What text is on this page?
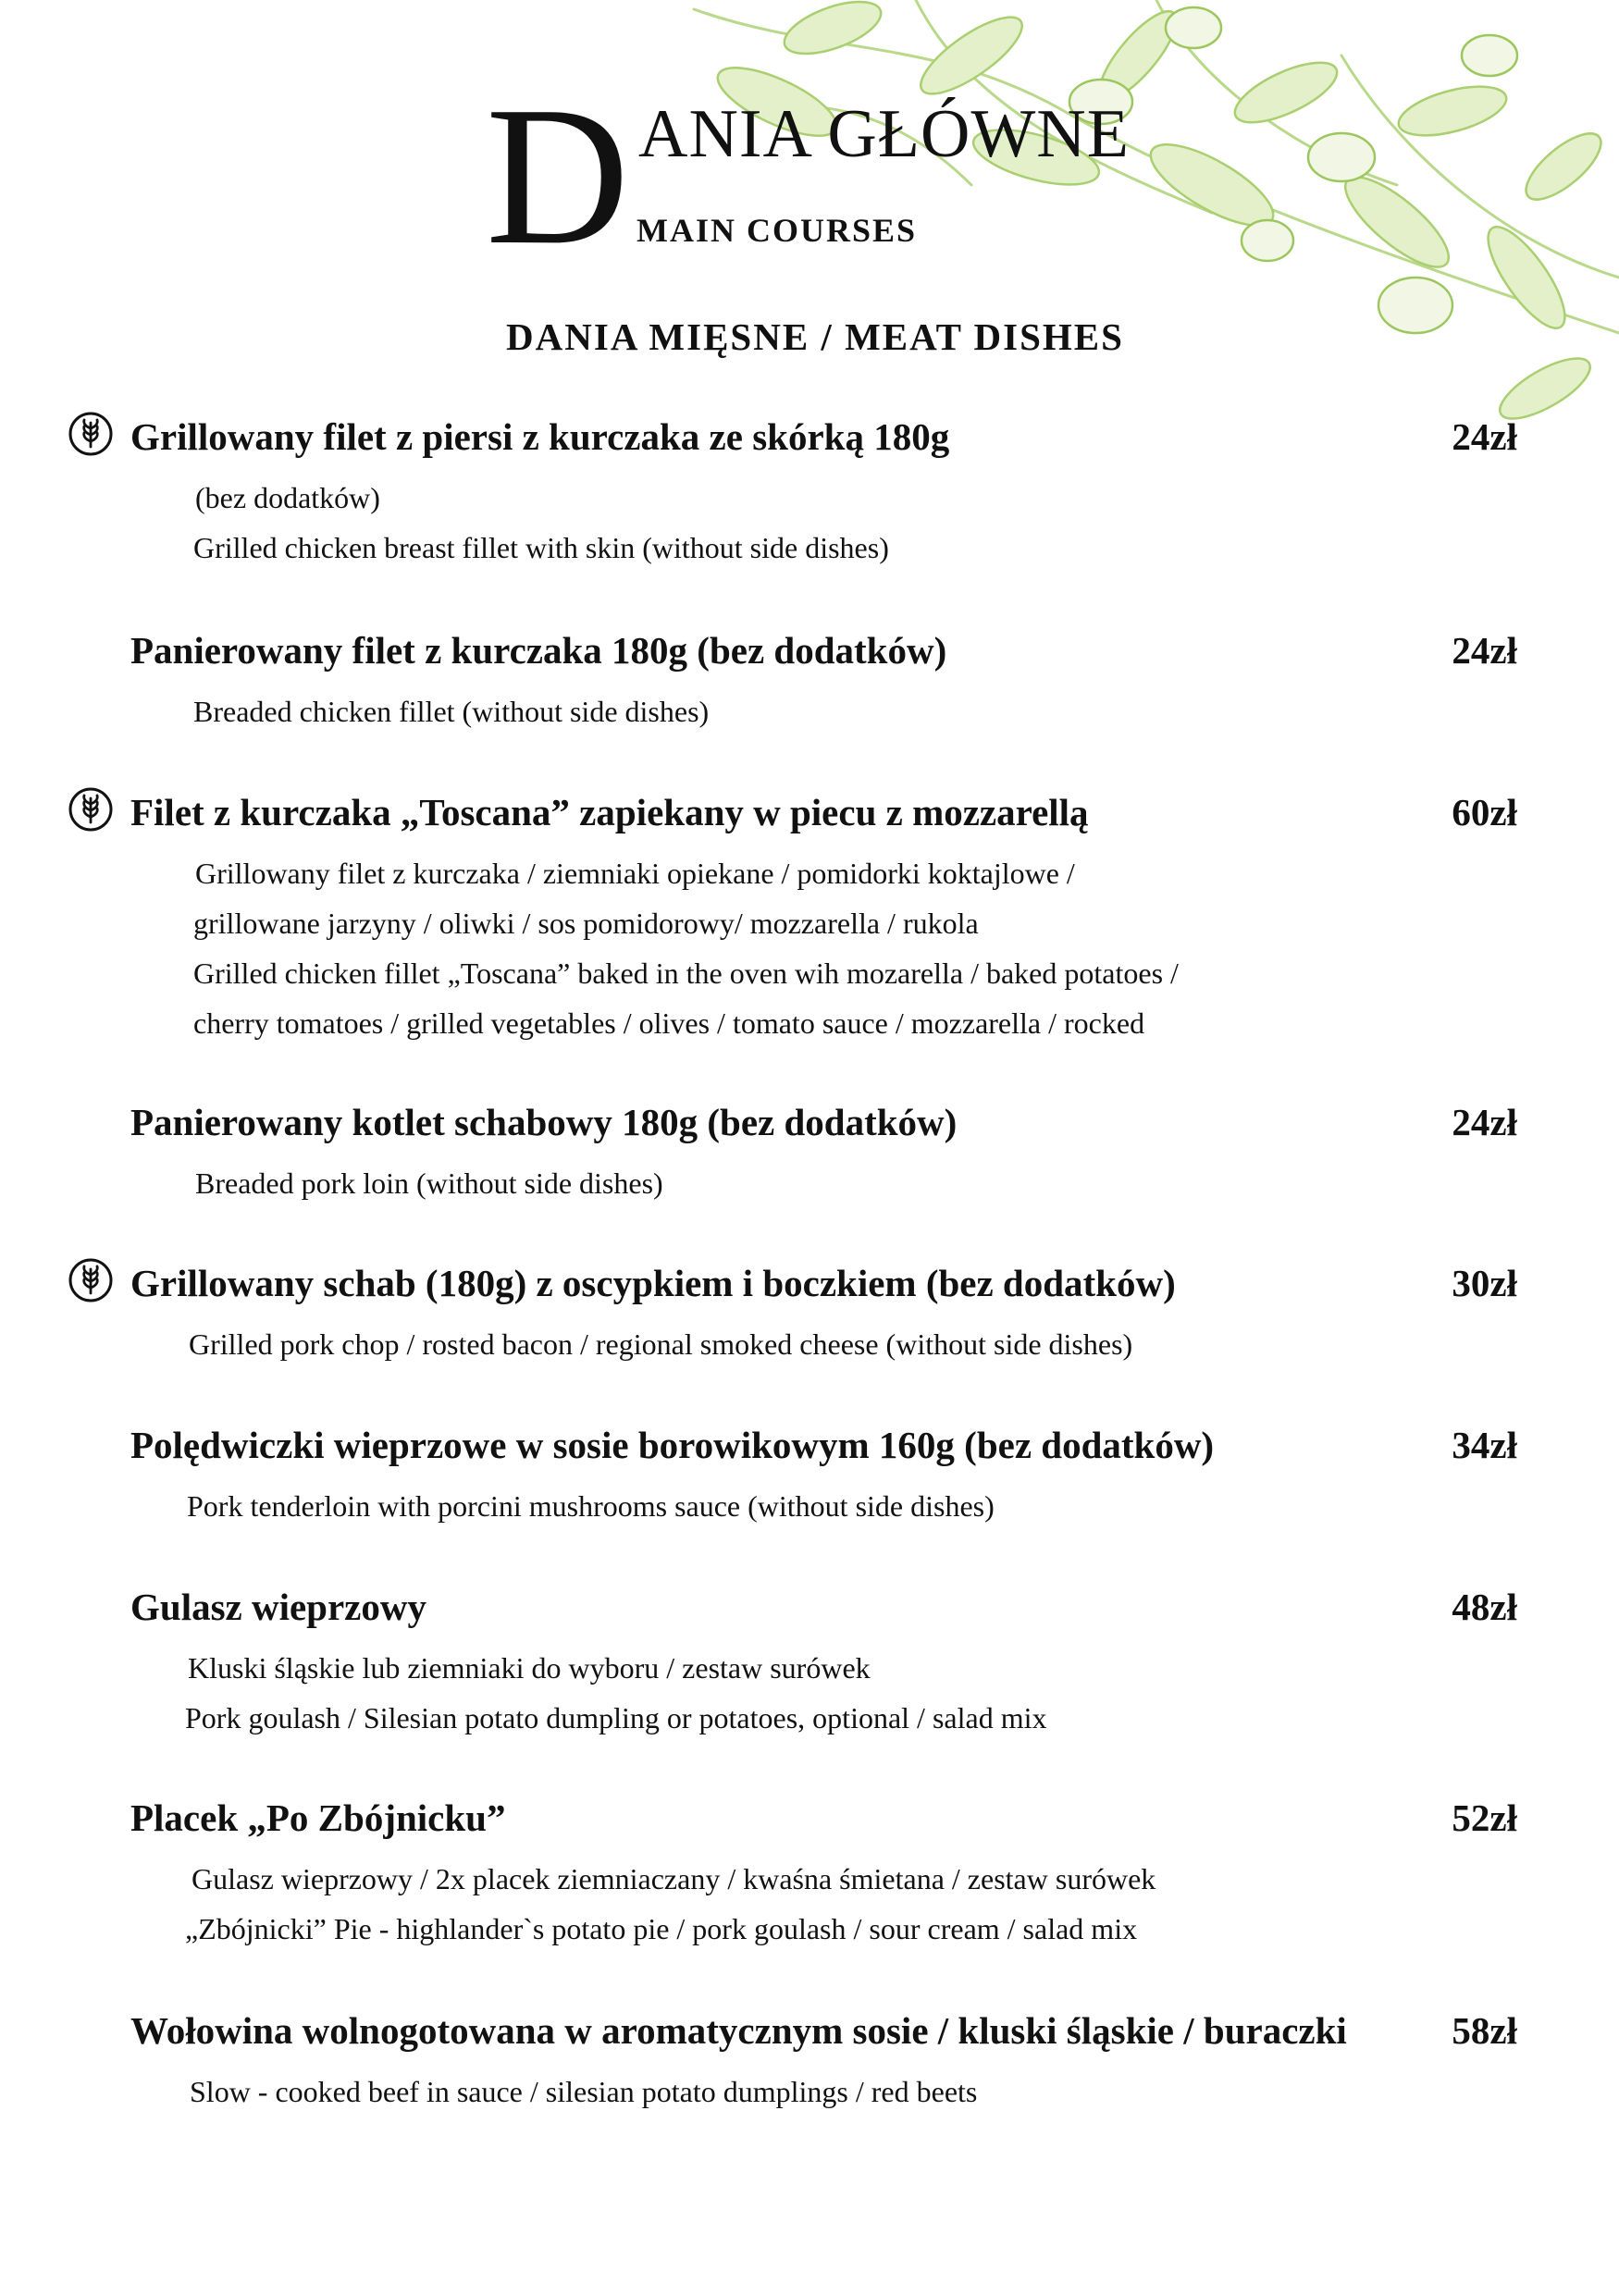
D ANIA GŁÓWNE
MAIN COURSES
DANIA MIĘSNE / MEAT DISHES
Grillowany filet z piersi z kurczaka ze skórką 180g	24zł
(bez dodatków)
Grilled chicken breast fillet with skin (without side dishes)
Panierowany filet z kurczaka 180g (bez dodatków)	24zł
Breaded chicken fillet (without side dishes)
Filet z kurczaka „Toscana” zapiekany w piecu z mozzarellą	60zł
Grillowany filet z kurczaka / ziemniaki opiekane / pomidorki koktajlowe /
grillowane jarzyny / oliwki / sos pomidorowy/ mozzarella / rukola
Grilled chicken fillet „Toscana” baked in the oven wih mozarella / baked potatoes /
cherry tomatoes / grilled vegetables / olives / tomato sauce / mozzarella / rocked
Panierowany kotlet schabowy 180g (bez dodatków)	24zł
Breaded pork loin (without side dishes)
Grillowany schab (180g) z oscypkiem i boczkiem (bez dodatków)	30zł
Grilled pork chop / rosted bacon / regional smoked cheese (without side dishes)
Polędwiczki wieprzowe w sosie borowikowym 160g (bez dodatków)	34zł
Pork tenderloin with porcini mushrooms sauce (without side dishes)
Gulasz wieprzowy	48zł
Kluski śląskie lub ziemniaki do wyboru / zestaw surówek
Pork goulash / Silesian potato dumpling or potatoes, optional / salad mix
Placek „Po Zbójnicku”	52zł
Gulasz wieprzowy / 2x placek ziemniaczany / kwaśna śmietana / zestaw surówek
„Zbójnicki” Pie - highlander`s potato pie / pork goulash / sour cream / salad mix
Wołowina wolnogotowana w aromatycznym sosie / kluski śląskie / buraczki	58zł
Slow - cooked beef in sauce / silesian potato dumplings / red beets
